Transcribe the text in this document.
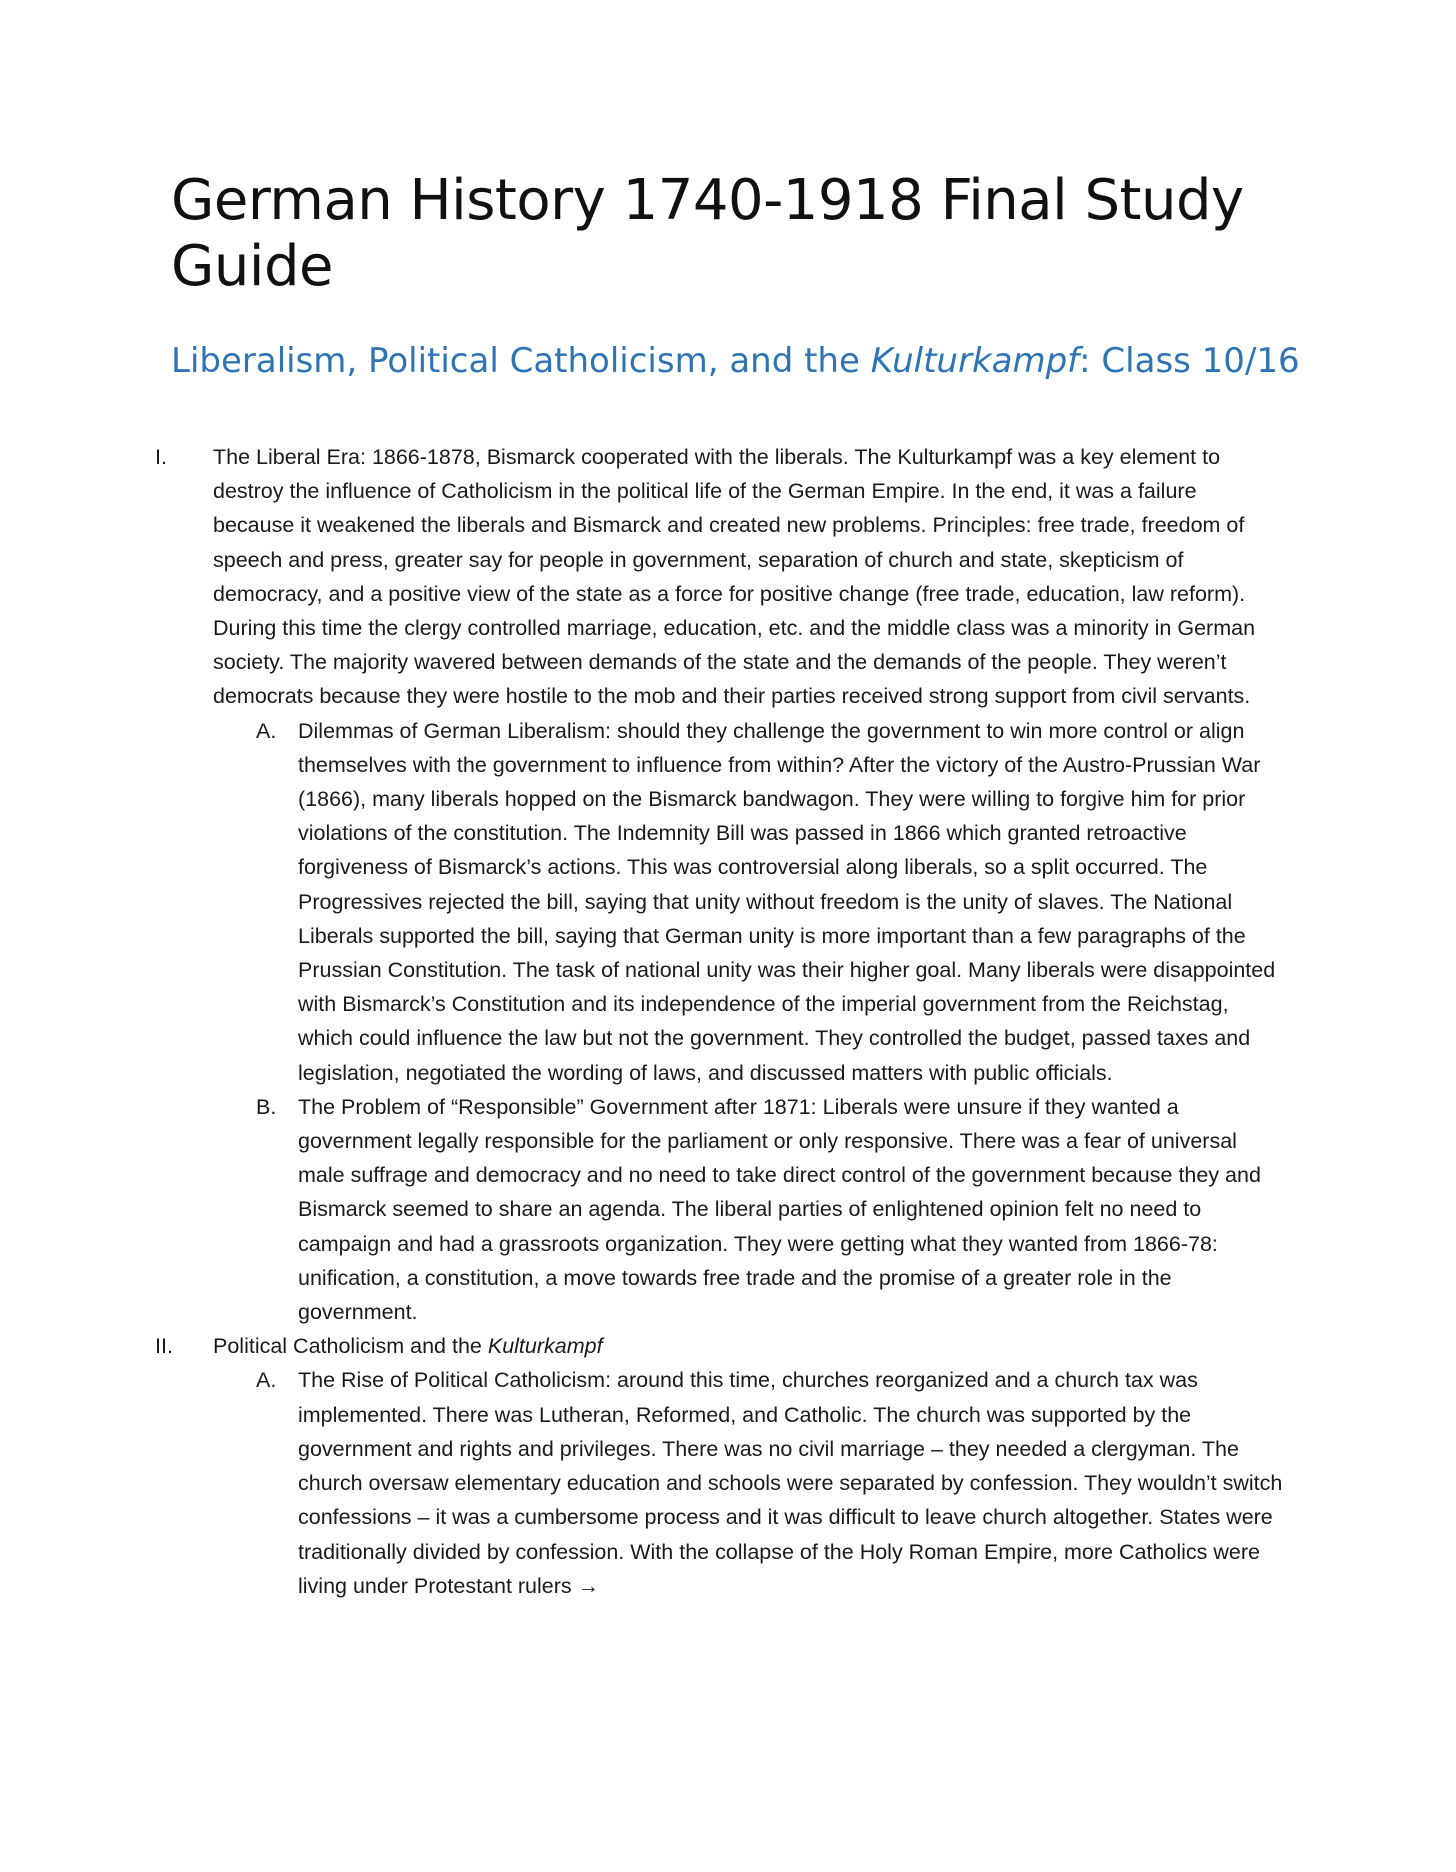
German History 1740-1918 Final Study Guide
Liberalism, Political Catholicism, and the Kulturkampf: Class 10/16
I. The Liberal Era: 1866-1878, Bismarck cooperated with the liberals. The Kulturkampf was a key element to destroy the influence of Catholicism in the political life of the German Empire. In the end, it was a failure because it weakened the liberals and Bismarck and created new problems. Principles: free trade, freedom of speech and press, greater say for people in government, separation of church and state, skepticism of democracy, and a positive view of the state as a force for positive change (free trade, education, law reform). During this time the clergy controlled marriage, education, etc. and the middle class was a minority in German society. The majority wavered between demands of the state and the demands of the people. They weren’t democrats because they were hostile to the mob and their parties received strong support from civil servants.
A. Dilemmas of German Liberalism: should they challenge the government to win more control or align themselves with the government to influence from within? After the victory of the Austro-Prussian War (1866), many liberals hopped on the Bismarck bandwagon. They were willing to forgive him for prior violations of the constitution. The Indemnity Bill was passed in 1866 which granted retroactive forgiveness of Bismarck’s actions. This was controversial along liberals, so a split occurred. The Progressives rejected the bill, saying that unity without freedom is the unity of slaves. The National Liberals supported the bill, saying that German unity is more important than a few paragraphs of the Prussian Constitution. The task of national unity was their higher goal. Many liberals were disappointed with Bismarck’s Constitution and its independence of the imperial government from the Reichstag, which could influence the law but not the government. They controlled the budget, passed taxes and legislation, negotiated the wording of laws, and discussed matters with public officials.
B. The Problem of “Responsible” Government after 1871: Liberals were unsure if they wanted a government legally responsible for the parliament or only responsive. There was a fear of universal male suffrage and democracy and no need to take direct control of the government because they and Bismarck seemed to share an agenda. The liberal parties of enlightened opinion felt no need to campaign and had a grassroots organization. They were getting what they wanted from 1866-78: unification, a constitution, a move towards free trade and the promise of a greater role in the government.
II. Political Catholicism and the Kulturkampf
A. The Rise of Political Catholicism: around this time, churches reorganized and a church tax was implemented. There was Lutheran, Reformed, and Catholic. The church was supported by the government and rights and privileges. There was no civil marriage – they needed a clergyman. The church oversaw elementary education and schools were separated by confession. They wouldn’t switch confessions – it was a cumbersome process and it was difficult to leave church altogether. States were traditionally divided by confession. With the collapse of the Holy Roman Empire, more Catholics were living under Protestant rulers →
